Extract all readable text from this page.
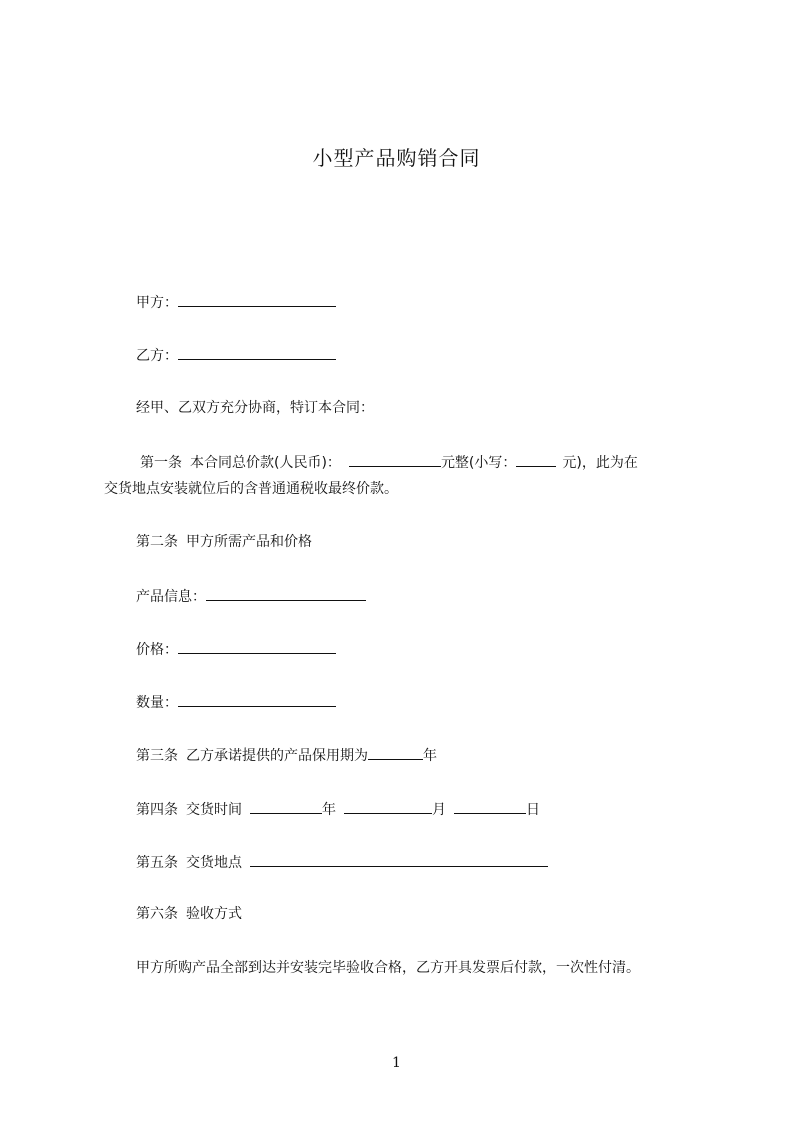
小型产品购销合同
甲方：
乙方：
经甲、乙双方充分协商，特订本合同：
第一条 本合同总价款(人民币)：	元整(小写：	元)，此为在
交货地点安装就位后的含普通通税收最终价款。
第二条 甲方所需产品和价格
产品信息：
价格：
数量：
第三条 乙方承诺提供的产品保用期为	年
第四条 交货时间	年	月	日
第五条 交货地点
第六条 验收方式
甲方所购产品全部到达并安装完毕验收合格，乙方开具发票后付款，一次性付清。
1
